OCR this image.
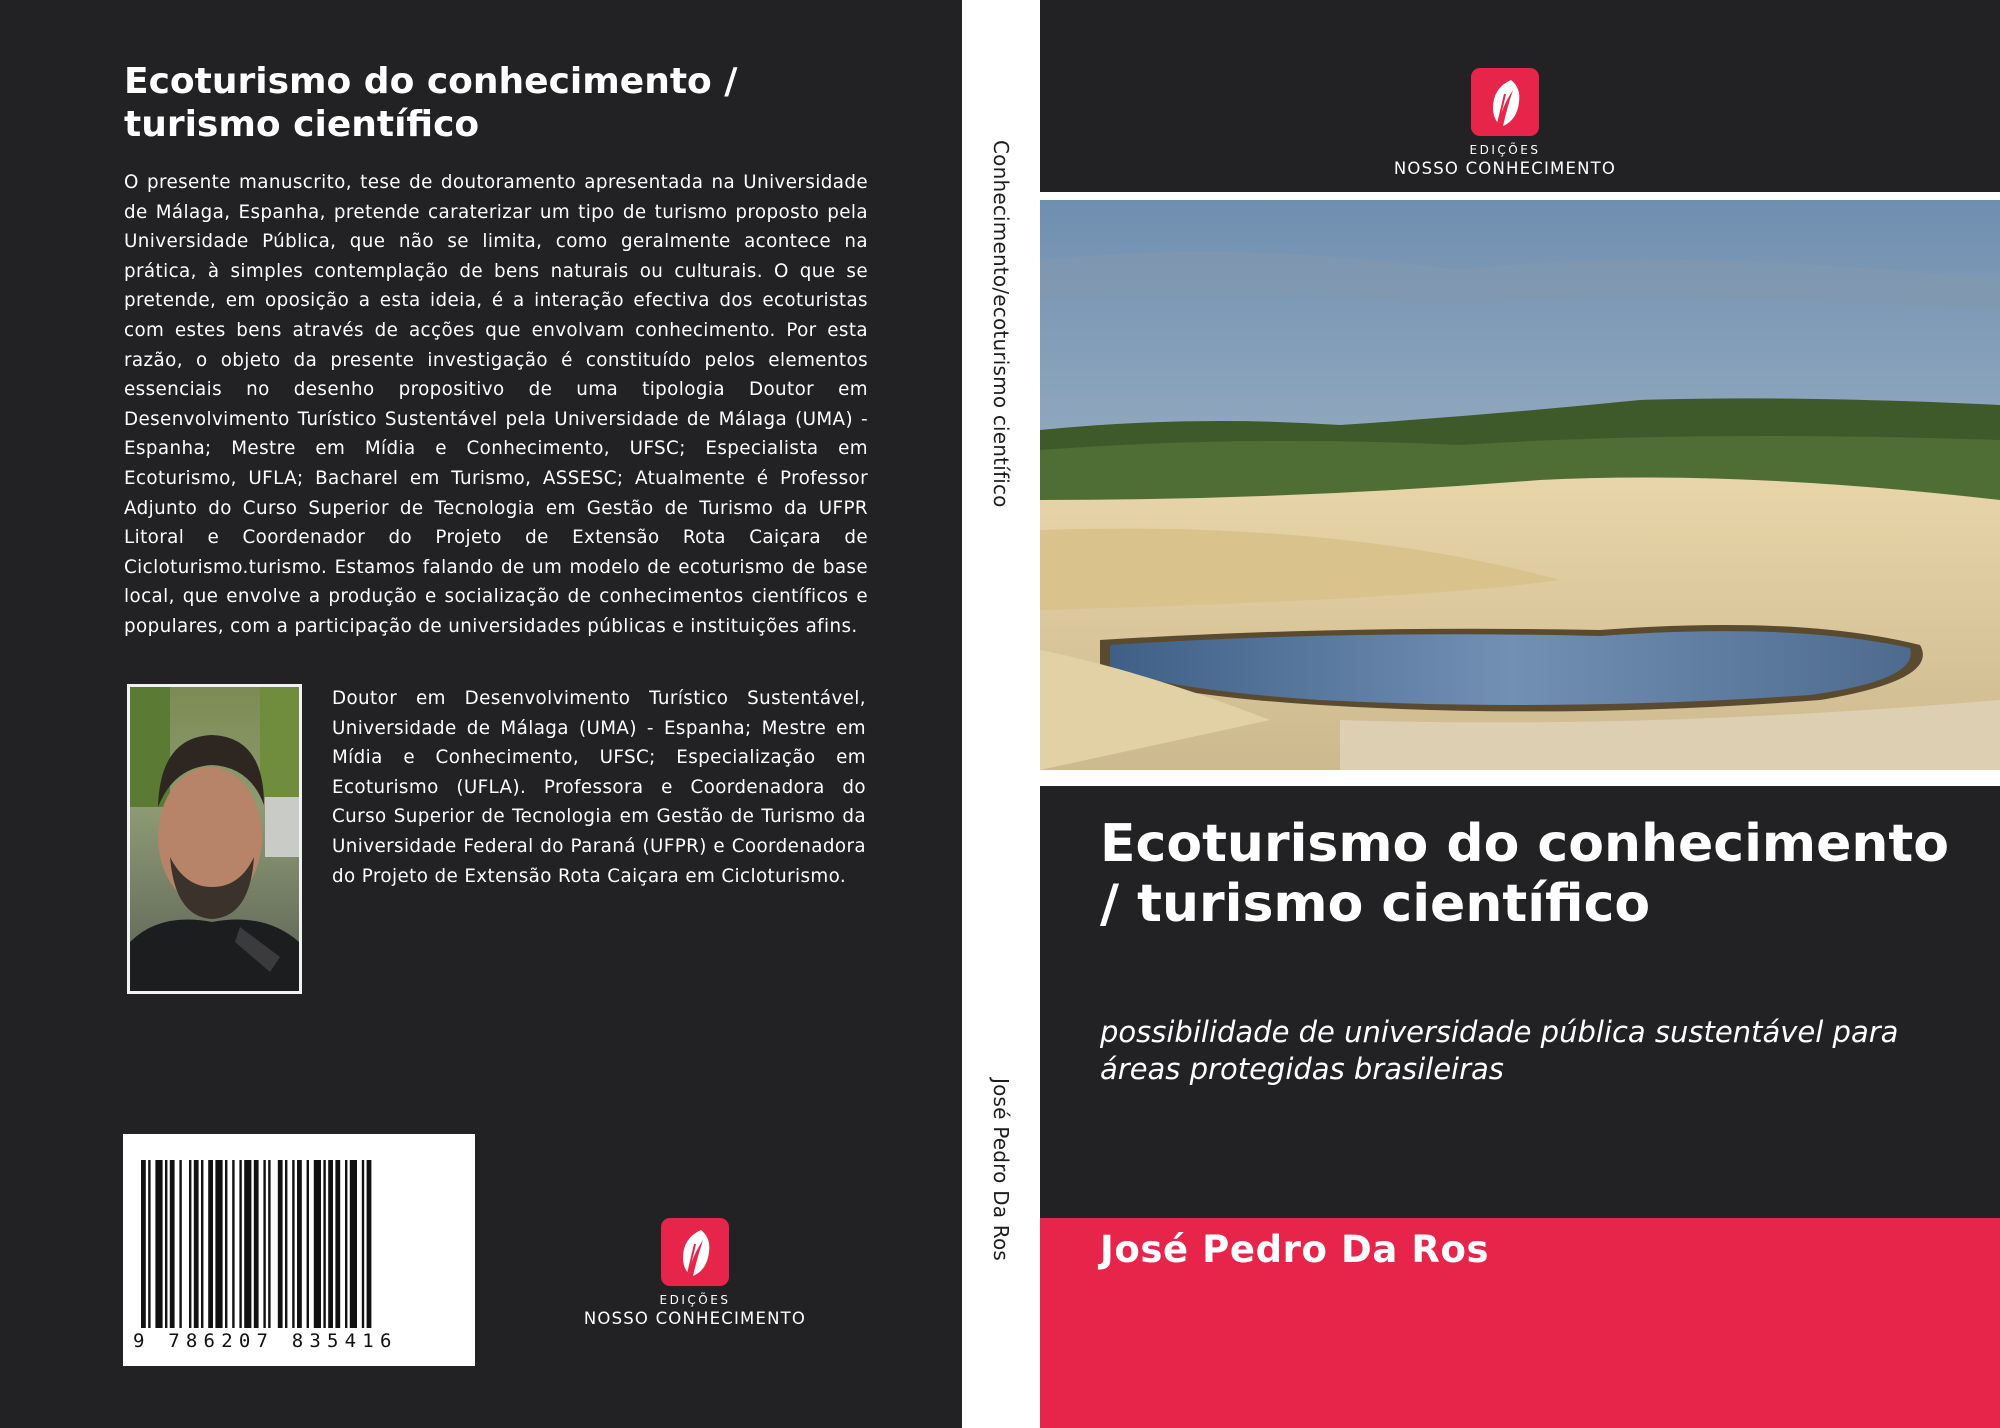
Ecoturismo do conhecimento / turismo científico

O presente manuscrito, tese de doutoramento apresentada na Universidade de Málaga, Espanha, pretende caraterizar um tipo de turismo proposto pela Universidade Pública, que não se limita, como geralmente acontece na prática, à simples contemplação de bens naturais ou culturais. O que se pretende, em oposição a esta ideia, é a interação efectiva dos ecoturistas com estes bens através de acções que envolvam conhecimento. Por esta razão, o objeto da presente investigação é constituído pelos elementos essenciais no desenho propositivo de uma tipologia Doutor em Desenvolvimento Turístico Sustentável pela Universidade de Málaga (UMA) - Espanha; Mestre em Mídia e Conhecimento, UFSC; Especialista em Ecoturismo, UFLA; Bacharel em Turismo, ASSESC; Atualmente é Professor Adjunto do Curso Superior de Tecnologia em Gestão de Turismo da UFPR Litoral e Coordenador do Projeto de Extensão Rota Caiçara de Cicloturismo.turismo. Estamos falando de um modelo de ecoturismo de base local, que envolve a produção e socialização de conhecimentos científicos e populares, com a participação de universidades públicas e instituições afins.

Doutor em Desenvolvimento Turístico Sustentável, Universidade de Málaga (UMA) - Espanha; Mestre em Mídia e Conhecimento, UFSC; Especialização em Ecoturismo (UFLA). Professora e Coordenadora do Curso Superior de Tecnologia em Gestão de Turismo da Universidade Federal do Paraná (UFPR) e Coordenadora do Projeto de Extensão Rota Caiçara em Cicloturismo.

9 786207 835416
EDIÇÕES
NOSSO CONHECIMENTO
Conhecimento/ecoturismo científico
José Pedro Da Ros
EDIÇÕES
NOSSO CONHECIMENTO
Ecoturismo do conhecimento / turismo científico

possibilidade de universidade pública sustentável para áreas protegidas brasileiras

José Pedro Da Ros
